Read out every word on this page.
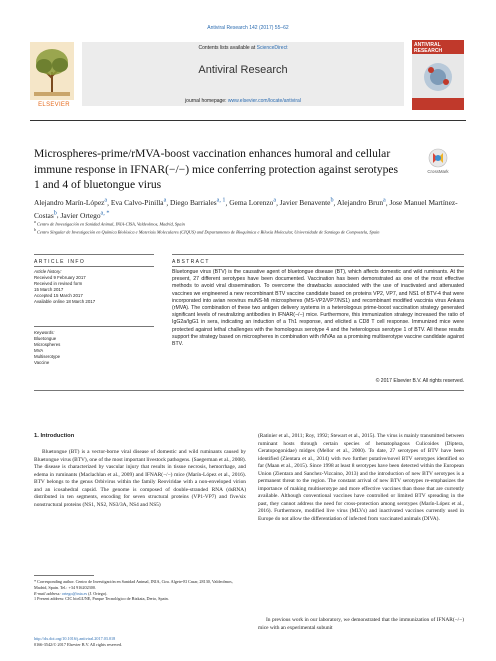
Antiviral Research 142 (2017) 55–62
ELSEVIER
Contents lists available at ScienceDirect
Antiviral Research
journal homepage: www.elsevier.com/locate/antiviral
ANTIVIRAL RESEARCH
Microspheres-prime/rMVA-boost vaccination enhances humoral and cellular immune response in IFNAR(−/−) mice conferring protection against serotypes 1 and 4 of bluetongue virus
CrossMark
Alejandro Marín-López$^a$, Eva Calvo-Pinilla$^a$, Diego Barriales$^{a, 1}$, Gema Lorenzo$^a$, Javier Benavente$^b$, Alejandro Brun$^a$, Jose Manuel Martínez-Costas$^b$, Javier Ortego$^{a, *}$
$^a$ Centro de Investigación en Sanidad Animal, INIA-CISA, Valdeolmos, Madrid, Spain
$^b$ Centro Singular de Investigación en Química Biolóxica e Materiais Moleculares (CIQUS) and Departamento de Bioquímica e Biloxía Molecular, Universidade de Santiago de Compostela, Spain
ARTICLE INFO
Article history:
Received 9 February 2017
Received in revised form
15 March 2017
Accepted 15 March 2017
Available online 18 March 2017
Keywords:
Bluetongue
Microspheres
MVA
Multiserotype
Vaccine
ABSTRACT
Bluetongue virus (BTV) is the causative agent of bluetongue disease (BT), which affects domestic and wild ruminants. At the present, 27 different serotypes have been documented. Vaccination has been demonstrated as one of the most effective methods to avoid viral dissemination. To overcome the drawbacks associated with the use of inactivated and attenuated vaccines we engineered a new recombinant BTV vaccine candidate based on proteins VP2, VP7, and NS1 of BTV-4 that were incorporated into avian reovirus muNS-Mi microspheres (MS-VP2/VP7/NS1) and recombinant modified vaccinia virus Ankara (rMVA). The combination of these two antigen delivery systems in a heterologous prime-boost vaccination strategy generated significant levels of neutralizing antibodies in IFNAR(−/−) mice. Furthermore, this immunization strategy increased the ratio of IgG2a/IgG1 in sera, indicating an induction of a Th1 response, and elicited a CD8 T cell response. Immunized mice were protected against lethal challenges with the homologous serotype 4 and the heterologous serotype 1 of BTV. All these results support the strategy based on microspheres in combination with rMVAs as a promising multiserotype vaccine candidate against BTV.
© 2017 Elsevier B.V. All rights reserved.
1. Introduction
Bluetongue (BT) is a vector-borne viral disease of domestic and wild ruminants caused by Bluetongue virus (BTV), one of the most important livestock pathogens. (Saegerman et al., 2008). The disease is characterized by vascular injury that results in tissue necrosis, hemorrhage, and edema in ruminants (Maclachlan et al., 2009) and IFNAR(−/−) mice (Marín-López et al., 2016). BTV belongs to the genus Orbivirus within the family Reoviridae with a non-enveloped virion and an icosahedral capsid. The genome is composed of double-stranded RNA (dsRNA) distributed in ten segments, encoding for seven structural proteins (VP1-VP7) and five/six nonstructural proteins (NS1, NS2, NS3/3A, NS4 and NS5)
(Ratinier et al., 2011; Roy, 1992; Stewart et al., 2015). The virus is mainly transmitted between ruminant hosts through certain species of hematophagous Culicoides (Diptera, Ceratopogonidae) midges (Mellor et al., 2000). To date, 27 serotypes of BTV have been identified (Zientara et al., 2014) with two further putative/novel BTV serotypes identified so far (Maan et al., 2015). Since 1998 at least 8 serotypes have been detected within the European Union (Zientara and Sanchez-Vizcaino, 2013) and the introduction of new BTV serotypes is a permanent threat to the region. The constant arrival of new BTV serotypes re-emphasizes the importance of making multiserotype and more effective vaccines than those that are currently available. Although conventional vaccines have controlled or limited BTV spreading in the past, they cannot address the need for cross-protection among serotypes (Marín-López et al., 2016). Furthermore, modified live virus (MLVs) and inactivated vaccines currently used in Europe do not allow the differentiation of infected from vaccinated animals (DIVA).
In previous work in our laboratory, we demonstrated that the immunization of IFNAR(−/−) mice with an experimental subunit
* Corresponding author. Centro de Investigación en Sanidad Animal, INIA, Ctra. Algete-El Casar, 28130, Valdeolmos, Madrid, Spain. Tel.: +34 916202300.
E-mail address: ortego@inia.es (J. Ortego).
1 Present address: CIC bioGUNE, Parque Tecnológico de Bizkaia, Derio, Spain.
http://dx.doi.org/10.1016/j.antiviral.2017.03.018
0166-3542/© 2017 Elsevier B.V. All rights reserved.
